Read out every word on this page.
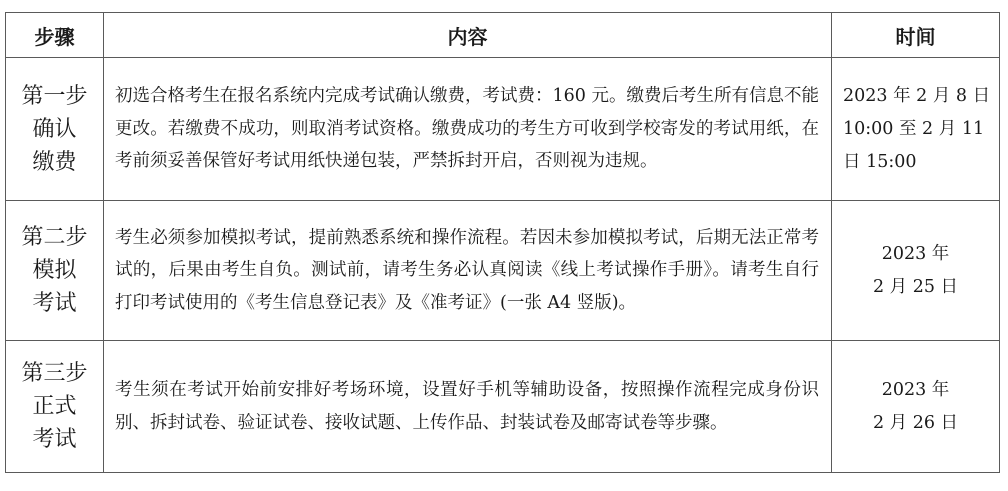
步骤	内容	时间

第一步
确认
缴费	初选合格考生在报名系统内完成考试确认缴费，考试费：160 元。缴费后考生所有信息不能更改。若缴费不成功，则取消考试资格。缴费成功的考生方可收到学校寄发的考试用纸，在考前须妥善保管好考试用纸快递包装，严禁拆封开启，否则视为违规。	2023 年 2 月 8 日
10:00 至 2 月 11
日 15:00

第二步
模拟
考试	考生必须参加模拟考试，提前熟悉系统和操作流程。若因未参加模拟考试，后期无法正常考试的，后果由考生自负。测试前，请考生务必认真阅读《线上考试操作手册》。请考生自行打印考试使用的《考生信息登记表》及《准考证》(一张 A4 竖版)。	2023 年
2 月 25 日

第三步
正式
考试	考生须在考试开始前安排好考场环境，设置好手机等辅助设备，按照操作流程完成身份识别、拆封试卷、验证试卷、接收试题、上传作品、封装试卷及邮寄试卷等步骤。	2023 年
2 月 26 日
